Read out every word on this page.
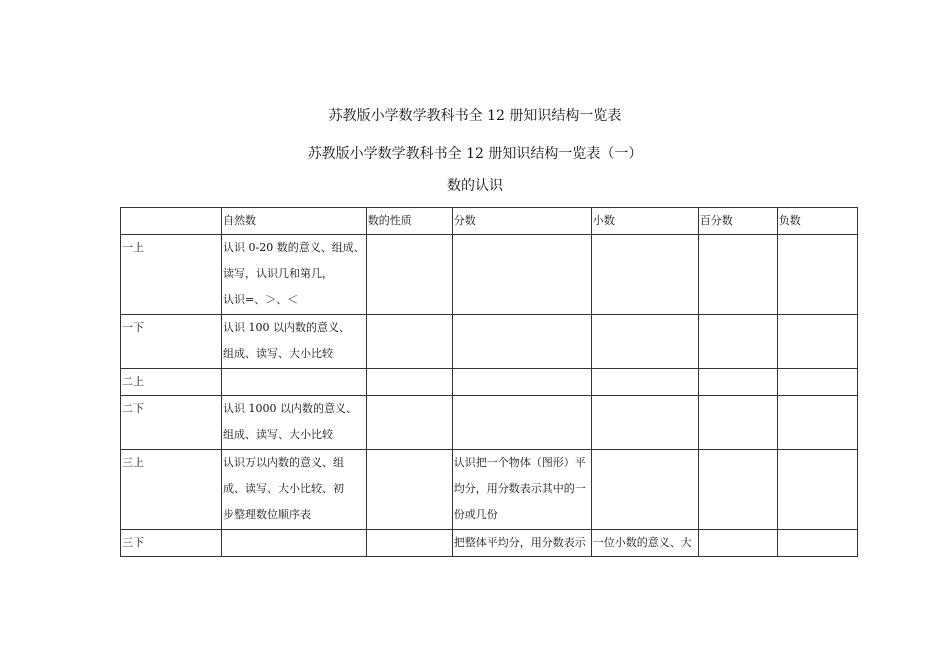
苏教版小学数学教科书全 12 册知识结构一览表
苏教版小学数学教科书全 12 册知识结构一览表（一）
数的认识
	自然数	数的性质	分数	小数	百分数	负数
一上	认识 0-20 数的意义、组成、
读写，认识几和第几，
认识=、＞、＜					

一下	认识 100 以内数的意义、
组成、读写、大小比较					

二上						
二下	认识 1000 以内数的意义、
组成、读写、大小比较					

三上	认识万以内数的意义、组
成、读写、大小比较、初
步整理数位顺序表		认识把一个物体（图形）平
均分，用分数表示其中的一
份或几份			

三下			把整体平均分，用分数表示	一位小数的意义、大		
